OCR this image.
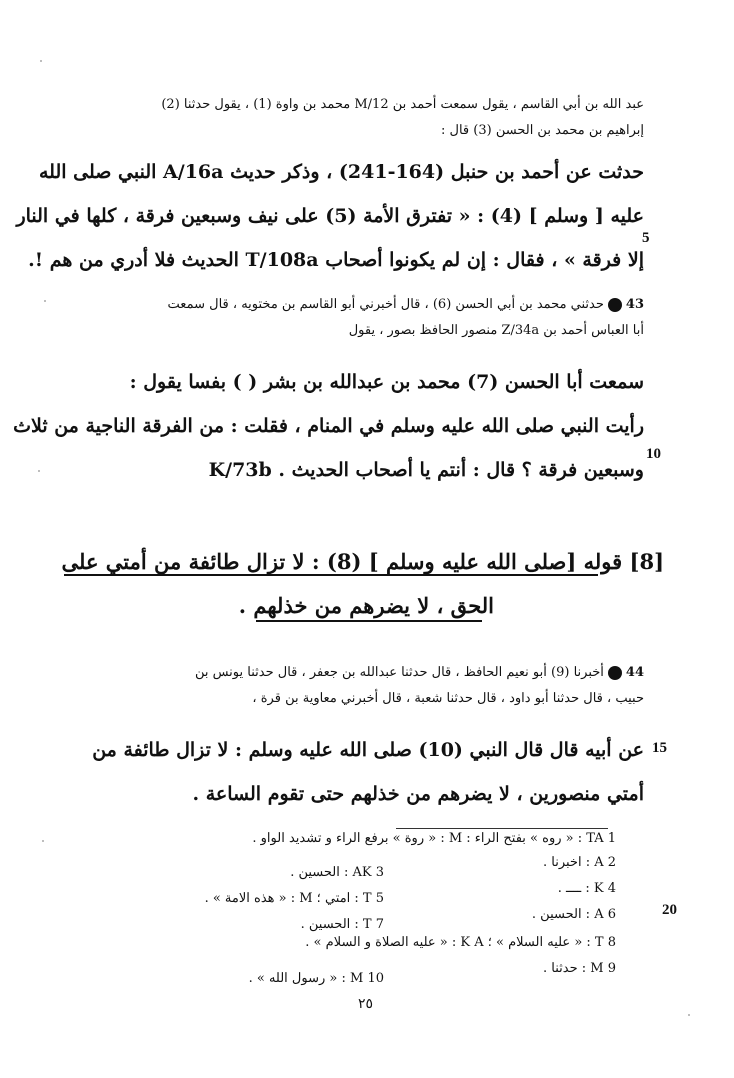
عبد الله بن أبي القاسم ، يقول سمعت أحمد بن M/12 محمد بن واوة (1) ، يقول حدثنا (2)
إبراهيم بن محمد بن الحسن (3) قال :
حدثت عن أحمد بن حنبل (164-241) ، وذكر حديث A/16a النبي صلى الله
عليه [ وسلم ] (4) : « تفترق الأمة (5) على نيف وسبعين فرقة ، كلها في النار
إلا فرقة » ، فقال : إن لم يكونوا أصحاب T/108a الحديث فلا أدري من هم !.
5
43حدثني محمد بن أبي الحسن (6) ، قال أخبرني أبو القاسم بن مختويه ، قال سمعت
أبا العباس أحمد بن Z/34a منصور الحافظ بصور ، يقول
سمعت أبا الحسن (7) محمد بن عبدالله بن بشر ( ) بفسا يقول :
رأيت النبي صلى الله عليه وسلم في المنام ، فقلت : من الفرقة الناجية من ثلاث
وسبعين فرقة ؟ قال : أنتم يا أصحاب الحديث . K/73b
10
[8] قوله [صلى الله عليه وسلم ] (8) : لا تزال طائفة من أمتي على
الحق ، لا يضرهم من خذلهم .
44أخبرنا (9) أبو نعيم الحافظ ، قال حدثنا عبدالله بن جعفر ، قال حدثنا يونس بن
حبيب ، قال حدثنا أبو داود ، قال حدثنا شعبة ، قال أخبرني معاوية بن قرة ،
عن أبيه قال قال النبي (10) صلى الله عليه وسلم : لا تزال طائفة من
أمتي منصورين ، لا يضرهم من خذلهم حتى تقوم الساعة .
15
TA 1 : « روه » بفتح الراء : M : « روة » برفع الراء و تشديد الواو .
A 2 : اخبرنا .
AK 3 : الحسين .
K 4 : ــــ .
T 5 : امتي ؛ M : « هذه الامة » .
A 6 : الحسين .
T 7 : الحسين .
T 8 : « عليه السلام » ؛ K A : « عليه الصلاة و السلام » .
M 9 : حدثنا .
M 10 : « رسول الله » .
20
٢٥
